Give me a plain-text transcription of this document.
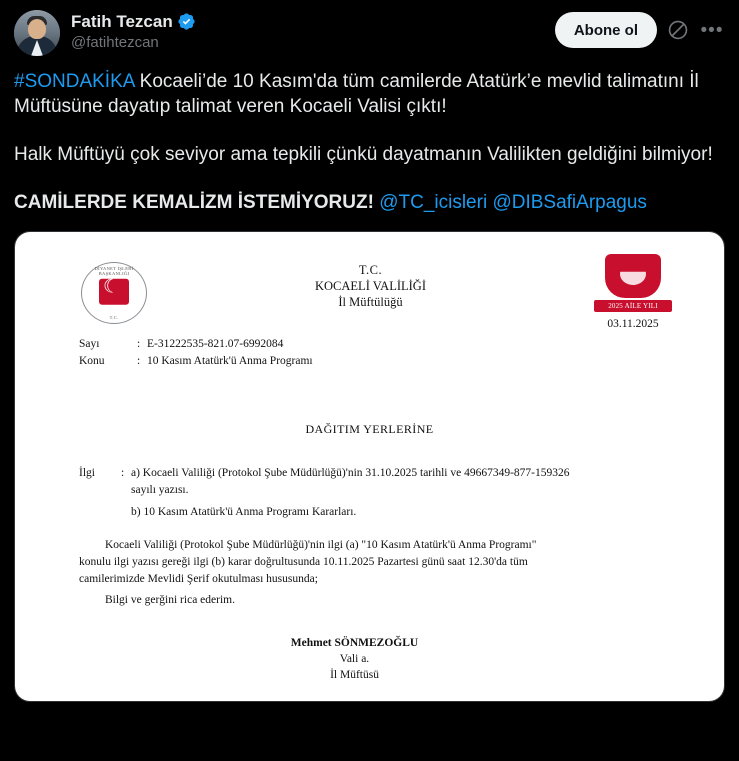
Fatih Tezcan
@fatihtezcan
Abone ol	•••

#SONDAKİKA Kocaeli’de 10 Kasım'da tüm camilerde Atatürk’e mevlid talimatını İl Müftüsüne dayatıp talimat veren Kocaeli Valisi çıktı!

Halk Müftüyü çok seviyor ama tepkili çünkü dayatmanın Valilikten geldiğini bilmiyor!

CAMİLERDE KEMALİZM İSTEMİYORUZ! @TC_icisleri @DIBSafiArpagus

DİYANET İŞLERİ BAŞKANLIĞI
☾
T.C.
T.C.
KOCAELİ VALİLİĞİ
İl Müftülüğü	2025 AİLE YILI
03.11.2025
Sayı	: E-31222535-821.07-6992084
Konu	: 10 Kasım Atatürk'ü Anma Programı
DAĞITIM YERLERİNE
İlgi	: a) Kocaeli Valiliği (Protokol Şube Müdürlüğü)'nin 31.10.2025 tarihli ve 49667349-877-159326
sayılı yazısı.
b) 10 Kasım Atatürk'ü Anma Programı Kararları.
Kocaeli Valiliği (Protokol Şube Müdürlüğü)'nin ilgi (a) "10 Kasım Atatürk'ü Anma Programı"
konulu ilgi yazısı gereği ilgi (b) karar doğrultusunda 10.11.2025 Pazartesi günü saat 12.30'da tüm
camilerimizde Mevlidi Şerif okutulması hususunda;
Bilgi ve gerğini rica ederim.
Mehmet SÖNMEZOĞLU
Vali a.
İl Müftüsü
